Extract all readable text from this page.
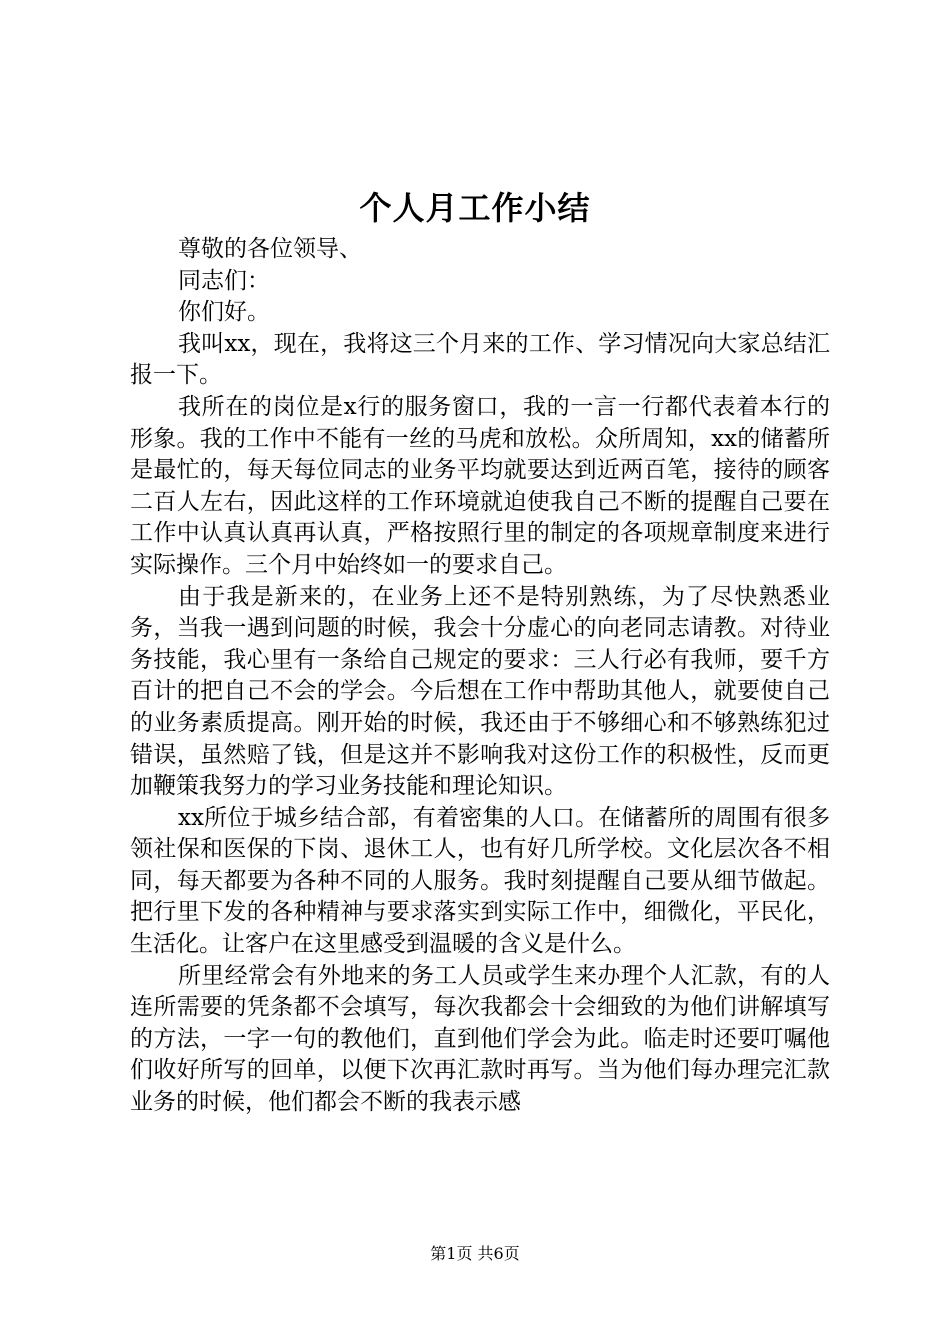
个人月工作小结

尊敬的各位领导、

同志们：

你们好。

我叫xx，现在，我将这三个月来的工作、学习情况向大家总结汇报一下。

我所在的岗位是x行的服务窗口，我的一言一行都代表着本行的形象。我的工作中不能有一丝的马虎和放松。众所周知，xx的储蓄所是最忙的，每天每位同志的业务平均就要达到近两百笔，接待的顾客二百人左右，因此这样的工作环境就迫使我自己不断的提醒自己要在工作中认真认真再认真，严格按照行里的制定的各项规章制度来进行实际操作。三个月中始终如一的要求自己。

由于我是新来的，在业务上还不是特别熟练，为了尽快熟悉业务，当我一遇到问题的时候，我会十分虚心的向老同志请教。对待业务技能，我心里有一条给自己规定的要求：三人行必有我师，要千方百计的把自己不会的学会。今后想在工作中帮助其他人，就要使自己的业务素质提高。刚开始的时候，我还由于不够细心和不够熟练犯过错误，虽然赔了钱，但是这并不影响我对这份工作的积极性，反而更加鞭策我努力的学习业务技能和理论知识。

xx所位于城乡结合部，有着密集的人口。在储蓄所的周围有很多领社保和医保的下岗、退休工人，也有好几所学校。文化层次各不相同，每天都要为各种不同的人服务。我时刻提醒自己要从细节做起。把行里下发的各种精神与要求落实到实际工作中，细微化，平民化，生活化。让客户在这里感受到温暖的含义是什么。

所里经常会有外地来的务工人员或学生来办理个人汇款，有的人连所需要的凭条都不会填写，每次我都会十会细致的为他们讲解填写的方法，一字一句的教他们，直到他们学会为此。临走时还要叮嘱他们收好所写的回单，以便下次再汇款时再写。当为他们每办理完汇款业务的时候，他们都会不断的我表示感

第1页 共6页
